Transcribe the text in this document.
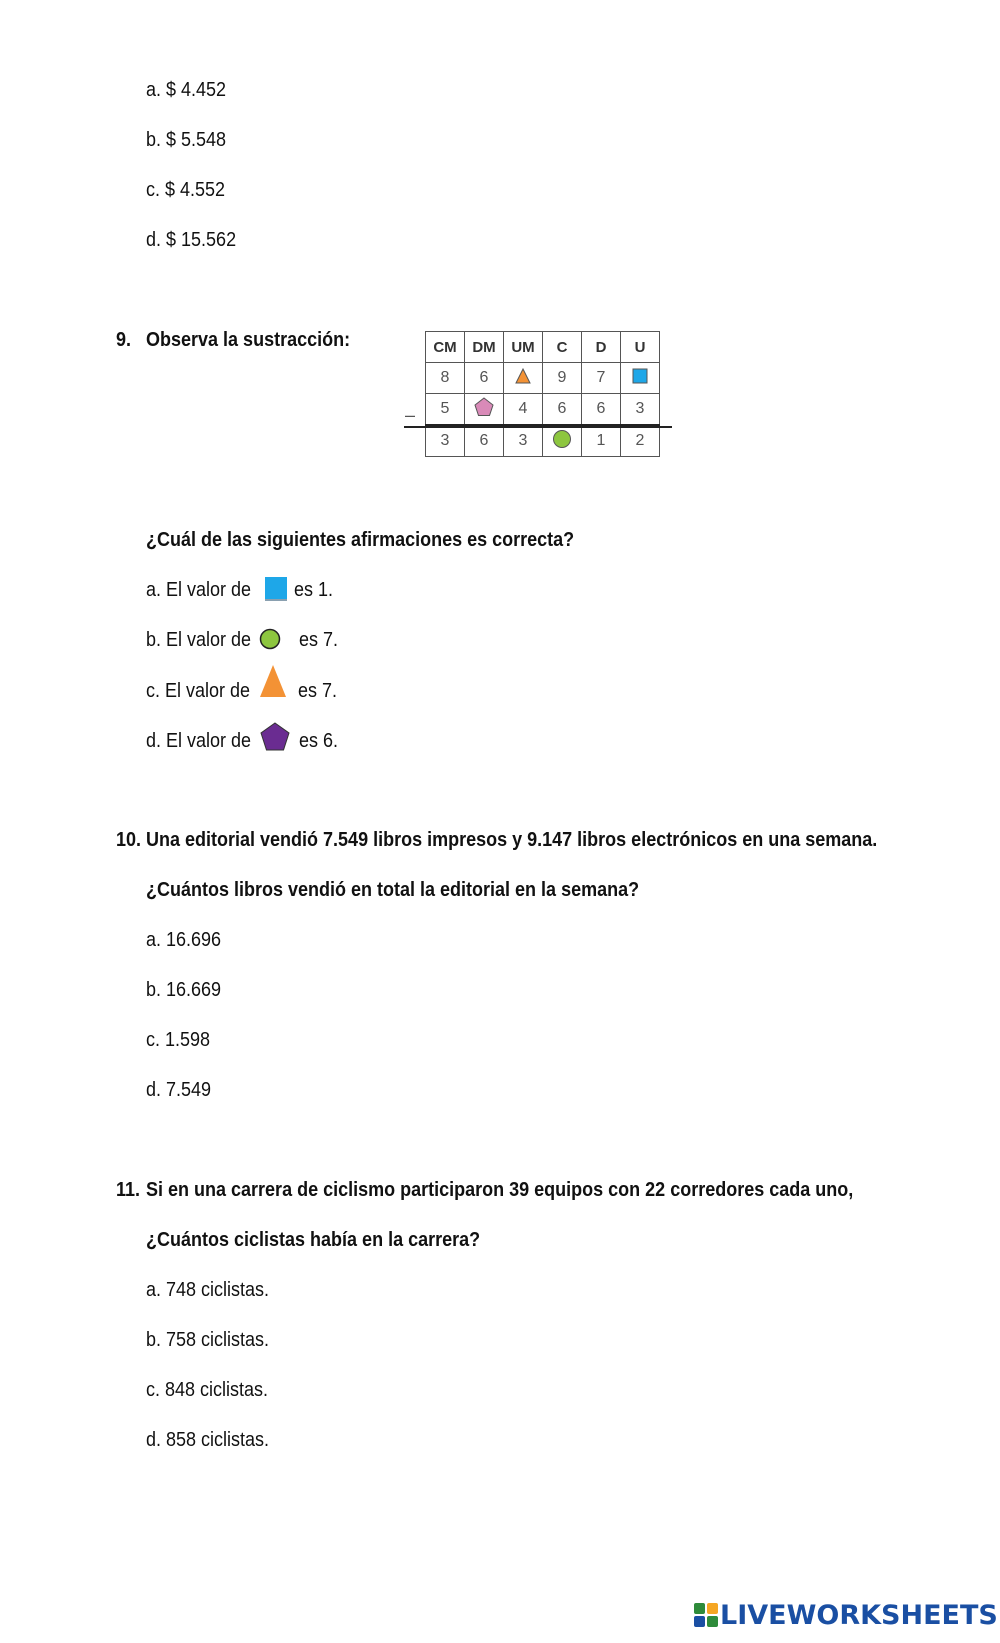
a. $ 4.452
b. $ 5.548
c. $ 4.552
d. $ 15.562
9. Observa la sustracción:	CM	DM	UM	C	D	U
8	6		9	7	
5		4	6	6	3
3	6	3		1	2
–
¿Cuál de las siguientes afirmaciones es correcta?
a. El valor de es 1.
b. El valor de es 7.
c. El valor de es 7.
d. El valor de es 6.
10. Una editorial vendió 7.549 libros impresos y 9.147 libros electrónicos en una semana.
¿Cuántos libros vendió en total la editorial en la semana?
a. 16.696
b. 16.669
c. 1.598
d. 7.549
11. Si en una carrera de ciclismo participaron 39 equipos con 22 corredores cada uno,
¿Cuántos ciclistas había en la carrera?
a. 748 ciclistas.
b. 758 ciclistas.
c. 848 ciclistas.
d. 858 ciclistas.
LIVEWORKSHEETS
